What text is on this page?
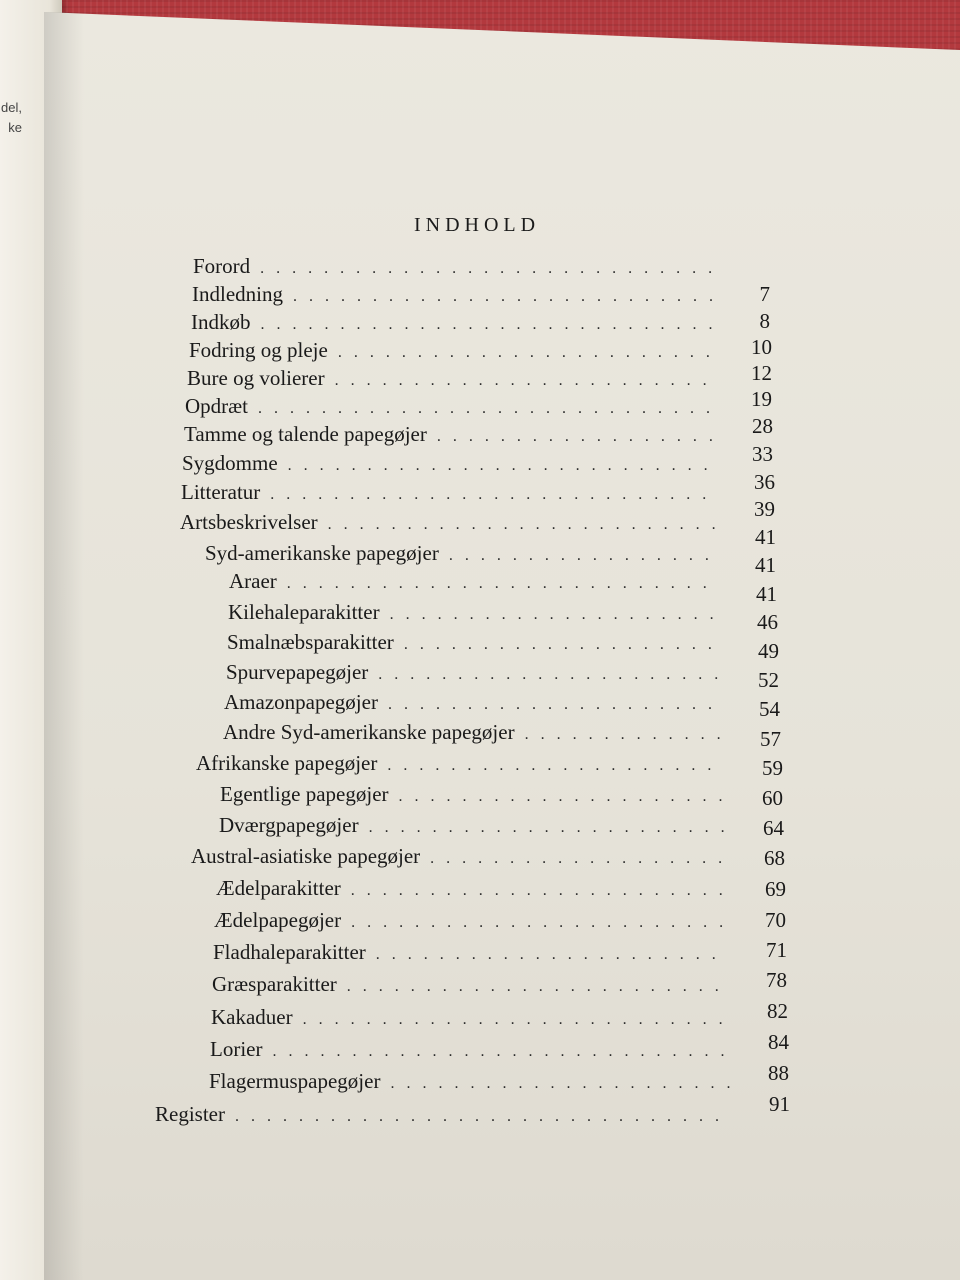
del,
ke
INDHOLD
Forord
. . .
Indledning
. . .
Indkøb
. . .
Fodring og pleje
. . .
Bure og volierer
. . .
Opdræt
. . .
Tamme og talende papegøjer
. . .
Sygdomme
. . .
Litteratur
. . .
Artsbeskrivelser
. . .
Syd-amerikanske papegøjer
. . .
Araer
. . .
Kilehaleparakitter
. . .
Smalnæbsparakitter
. . .
Spurvepapegøjer
. . .
Amazonpapegøjer
. . .
Andre Syd-amerikanske papegøjer
. . .
Afrikanske papegøjer
. . .
Egentlige papegøjer
. . .
Dværgpapegøjer
. . .
Austral-asiatiske papegøjer
. . .
Ædelparakitter
. . .
Ædelpapegøjer
. . .
Fladhaleparakitter
. . .
Græsparakitter
. . .
Kakaduer
. . .
Lorier
. . .
Flagermuspapegøjer
. . .
Register
. . .
7
8
10
12
19
28
33
36
39
41
41
41
46
49
52
54
57
59
60
64
68
69
70
71
78
82
84
88
91
